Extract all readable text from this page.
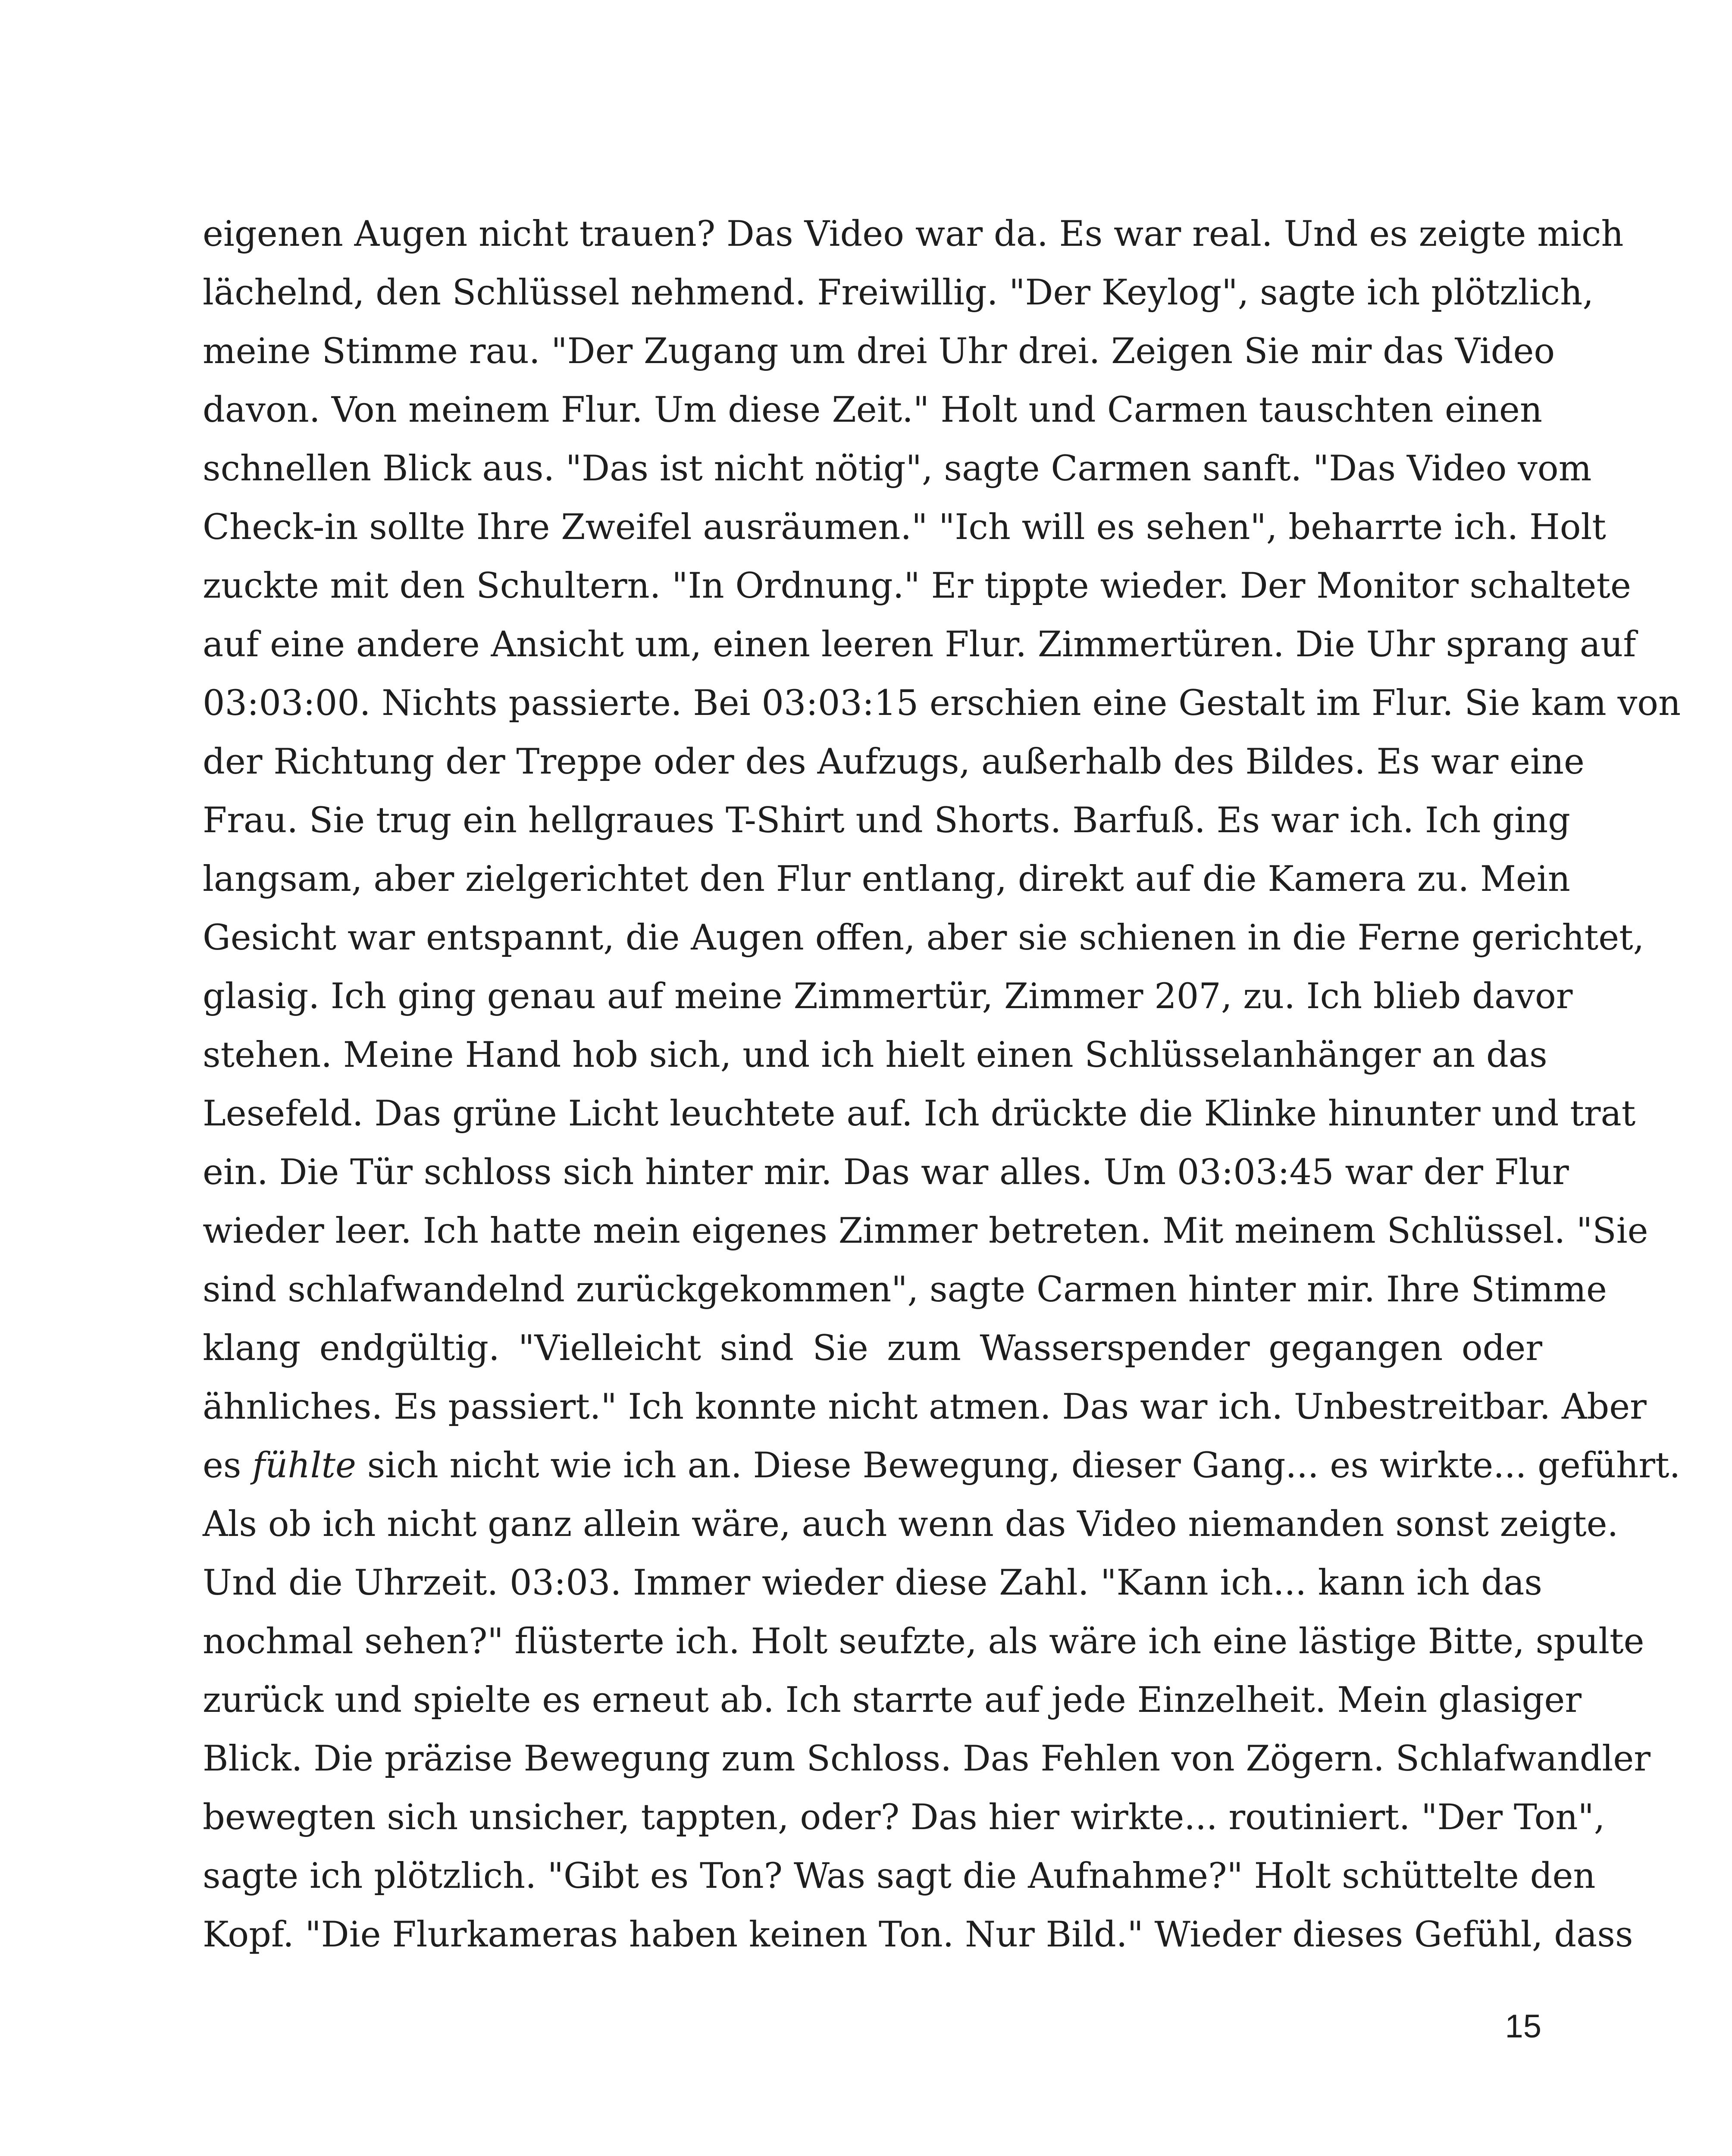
eigenen Augen nicht trauen? Das Video war da. Es war real. Und es zeigte mich
lächelnd, den Schlüssel nehmend. Freiwillig. "Der Keylog", sagte ich plötzlich,
meine Stimme rau. "Der Zugang um drei Uhr drei. Zeigen Sie mir das Video
davon. Von meinem Flur. Um diese Zeit." Holt und Carmen tauschten einen
schnellen Blick aus. "Das ist nicht nötig", sagte Carmen sanft. "Das Video vom
Check-in sollte Ihre Zweifel ausräumen." "Ich will es sehen", beharrte ich. Holt
zuckte mit den Schultern. "In Ordnung." Er tippte wieder. Der Monitor schaltete
auf eine andere Ansicht um, einen leeren Flur. Zimmertüren. Die Uhr sprang auf
03:03:00. Nichts passierte. Bei 03:03:15 erschien eine Gestalt im Flur. Sie kam von
der Richtung der Treppe oder des Aufzugs, außerhalb des Bildes. Es war eine
Frau. Sie trug ein hellgraues T-Shirt und Shorts. Barfuß. Es war ich. Ich ging
langsam, aber zielgerichtet den Flur entlang, direkt auf die Kamera zu. Mein
Gesicht war entspannt, die Augen offen, aber sie schienen in die Ferne gerichtet,
glasig. Ich ging genau auf meine Zimmertür, Zimmer 207, zu. Ich blieb davor
stehen. Meine Hand hob sich, und ich hielt einen Schlüsselanhänger an das
Lesefeld. Das grüne Licht leuchtete auf. Ich drückte die Klinke hinunter und trat
ein. Die Tür schloss sich hinter mir. Das war alles. Um 03:03:45 war der Flur
wieder leer. Ich hatte mein eigenes Zimmer betreten. Mit meinem Schlüssel. "Sie
sind schlafwandelnd zurückgekommen", sagte Carmen hinter mir. Ihre Stimme
klang endgültig. "Vielleicht sind Sie zum Wasserspender gegangen oder
ähnliches. Es passiert." Ich konnte nicht atmen. Das war ich. Unbestreitbar. Aber
es fühlte sich nicht wie ich an. Diese Bewegung, dieser Gang... es wirkte... geführt.
Als ob ich nicht ganz allein wäre, auch wenn das Video niemanden sonst zeigte.
Und die Uhrzeit. 03:03. Immer wieder diese Zahl. "Kann ich... kann ich das
nochmal sehen?" flüsterte ich. Holt seufzte, als wäre ich eine lästige Bitte, spulte
zurück und spielte es erneut ab. Ich starrte auf jede Einzelheit. Mein glasiger
Blick. Die präzise Bewegung zum Schloss. Das Fehlen von Zögern. Schlafwandler
bewegten sich unsicher, tappten, oder? Das hier wirkte... routiniert. "Der Ton",
sagte ich plötzlich. "Gibt es Ton? Was sagt die Aufnahme?" Holt schüttelte den
Kopf. "Die Flurkameras haben keinen Ton. Nur Bild." Wieder dieses Gefühl, dass
15
